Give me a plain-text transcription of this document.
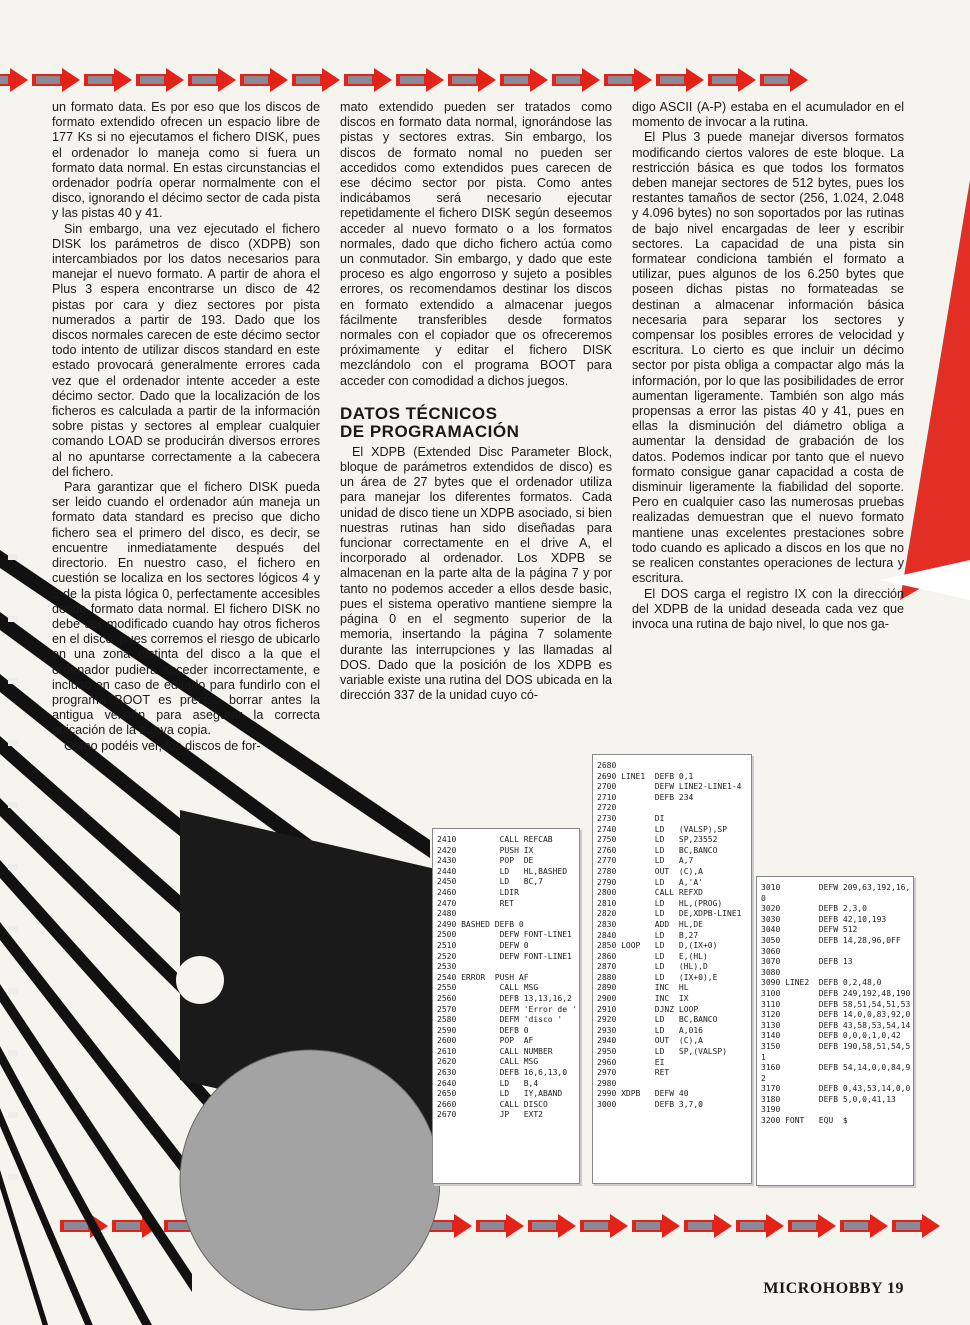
un formato data. Es por eso que los discos de formato extendido ofrecen un espacio libre de 177 Ks si no ejecutamos el fichero DISK, pues el ordenador lo maneja como si fuera un formato data normal. En estas circunstancias el ordenador podría operar normalmente con el disco, ignorando el décimo sector de cada pista y las pistas 40 y 41.

Sin embargo, una vez ejecutado el fichero DISK los parámetros de disco (XDPB) son intercambiados por los datos necesarios para manejar el nuevo formato. A partir de ahora el Plus 3 espera encontrarse un disco de 42 pistas por cara y diez sectores por pista numerados a partir de 193. Dado que los discos normales carecen de este décimo sector todo intento de utilizar discos standard en este estado provocará generalmente errores cada vez que el ordenador intente acceder a este décimo sector. Dado que la localización de los ficheros es calculada a partir de la información sobre pistas y sectores al emplear cualquier comando LOAD se producirán diversos errores al no apuntarse correctamente a la cabecera del fichero.

Para garantizar que el fichero DISK pueda ser leido cuando el ordenador aún maneja un formato data standard es preciso que dicho fichero sea el primero del disco, es decir, se encuentre inmediatamente después del directorio. En nuestro caso, el fichero en cuestión se localiza en los sectores lógicos 4 y 5 de la pista lógica 0, perfectamente accesibles desde formato data normal. El fichero DISK no debe ser modificado cuando hay otros ficheros en el disco, pues corremos el riesgo de ubicarlo en una zona distinta del disco a la que el ordenador pudiera acceder incorrectamente, e incluso en caso de editarlo para fundirlo con el programa BOOT es preciso borrar antes la antigua versión para asegurar la correcta ubicación de la nueva copia.

Como podéis ver, los discos de for-

mato extendido pueden ser tratados como discos en formato data normal, ignorándose las pistas y sectores extras. Sin embargo, los discos de formato nomal no pueden ser accedidos como extendidos pues carecen de ese décimo sector por pista. Como antes indicábamos será necesario ejecutar repetidamente el fichero DISK según deseemos acceder al nuevo formato o a los formatos normales, dado que dicho fichero actúa como un conmutador. Sin embargo, y dado que este proceso es algo engorroso y sujeto a posibles errores, os recomendamos destinar los discos en formato extendido a almacenar juegos fácilmente transferibles desde formatos normales con el copiador que os ofreceremos próximamente y editar el fichero DISK mezclándolo con el programa BOOT para acceder con comodidad a dichos juegos.

DATOS TÉCNICOS
DE PROGRAMACIÓN

El XDPB (Extended Disc Parameter Block, bloque de parámetros extendidos de disco) es un área de 27 bytes que el ordenador utiliza para manejar los diferentes formatos. Cada unidad de disco tiene un XDPB asociado, si bien nuestras rutinas han sido diseñadas para funcionar correctamente en el drive A, el incorporado al ordenador. Los XDPB se almacenan en la parte alta de la página 7 y por tanto no podemos acceder a ellos desde basic, pues el sistema operativo mantiene siempre la página 0 en el segmento superior de la memoria, insertando la página 7 solamente durante las interrupciones y las llamadas al DOS. Dado que la posición de los XDPB es variable existe una rutina del DOS ubicada en la dirección 337 de la unidad cuyo có-

digo ASCII (A-P) estaba en el acumulador en el momento de invocar a la rutina.

El Plus 3 puede manejar diversos formatos modificando ciertos valores de este bloque. La restricción básica es que todos los formatos deben manejar sectores de 512 bytes, pues los restantes tamaños de sector (256, 1.024, 2.048 y 4.096 bytes) no son soportados por las rutinas de bajo nivel encargadas de leer y escribir sectores. La capacidad de una pista sin formatear condiciona también el formato a utilizar, pues algunos de los 6.250 bytes que poseen dichas pistas no formateadas se destinan a almacenar información básica necesaria para separar los sectores y compensar los posibles errores de velocidad y escritura. Lo cierto es que incluir un décimo sector por pista obliga a compactar algo más la información, por lo que las posibilidades de error aumentan ligeramente. También son algo más propensas a error las pistas 40 y 41, pues en ellas la disminución del diámetro obliga a aumentar la densidad de grabación de los datos. Podemos indicar por tanto que el nuevo formato consigue ganar capacidad a costa de disminuir ligeramente la fiabilidad del soporte. Pero en cualquier caso las numerosas pruebas realizadas demuestran que el nuevo formato mantiene unas excelentes prestaciones sobre todo cuando es aplicado a discos en los que no se realicen constantes operaciones de lectura y escritura.

El DOS carga el registro IX con la dirección del XDPB de la unidad deseada cada vez que invoca una rutina de bajo nivel, lo que nos ga-

2410         CALL REFCAB
2420         PUSH IX
2430         POP  DE
2440         LD   HL,BASHED
2450         LD   BC,7
2460         LDIR
2470         RET
2480
2490 BASHED DEFB 0
2500         DEFW FONT-LINE1
2510         DEFW 0
2520         DEFW FONT-LINE1
2530
2540 ERROR  PUSH AF
2550         CALL MSG
2560         DEFB 13,13,16,2
2570         DEFM 'Error de '
2580         DEFM 'disco '
2590         DEFB 0
2600         POP  AF
2610         CALL NUMBER
2620         CALL MSG
2630         DEFB 16,6,13,0
2640         LD   B,4
2650         LD   IY,ABAND
2660         CALL DISCO
2670         JP   EXT2
2680
2690 LINE1  DEFB 0,1
2700        DEFW LINE2-LINE1-4
2710        DEFB 234
2720
2730        DI
2740        LD   (VALSP),SP
2750        LD   SP,23552
2760        LD   BC,BANCO
2770        LD   A,7
2780        OUT  (C),A
2790        LD   A,'A'
2800        CALL REFXD
2810        LD   HL,(PROG)
2820        LD   DE,XDPB-LINE1
2830        ADD  HL,DE
2840        LD   B,27
2850 LOOP   LD   D,(IX+0)
2860        LD   E,(HL)
2870        LD   (HL),D
2880        LD   (IX+0),E
2890        INC  HL
2900        INC  IX
2910        DJNZ LOOP
2920        LD   BC,BANCO
2930        LD   A,016
2940        OUT  (C),A
2950        LD   SP,(VALSP)
2960        EI
2970        RET
2980
2990 XDPB   DEFW 40
3000        DEFB 3,7,0
3010        DEFW 209,63,192,16,
0
3020        DEFB 2,3,0
3030        DEFB 42,10,193
3040        DEFW 512
3050        DEFB 14,28,96,0FF
3060
3070        DEFB 13
3080
3090 LINE2  DEFB 0,2,48,0
3100        DEFB 249,192,48,190
3110        DEFB 58,51,54,51,53
3120        DEFB 14,0,0,83,92,0
3130        DEFB 43,58,53,54,14
3140        DEFB 0,0,0,1,0,42
3150        DEFB 190,58,51,54,5
1
3160        DEFB 54,14,0,0,84,9
2
3170        DEFB 0,43,53,14,0,0
3180        DEFB 5,0,0,41,13
3190
3200 FONT   EQU  $
MICROHOBBY 19
